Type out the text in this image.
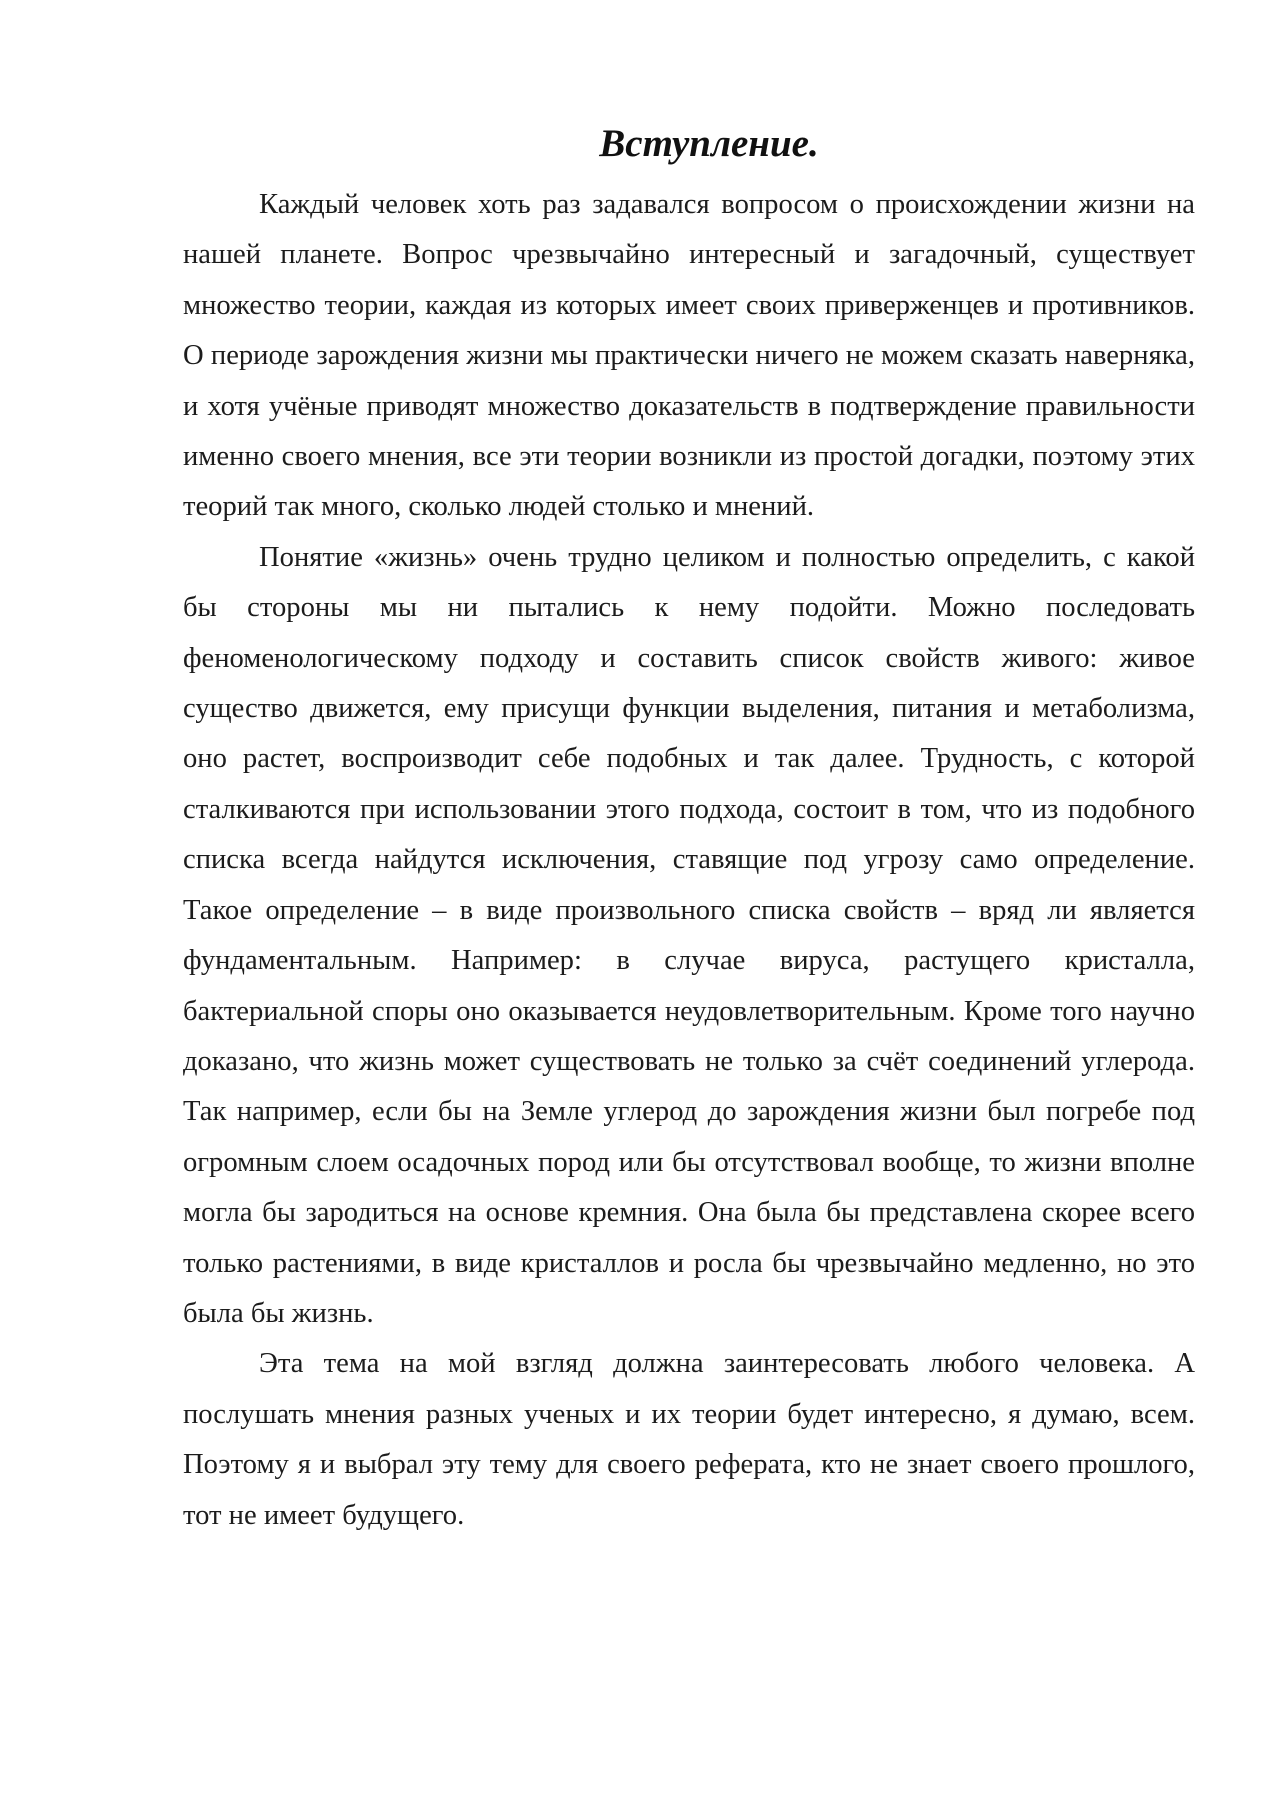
Вступление.

Каждый человек хоть раз задавался вопросом о происхождении жизни на нашей планете. Вопрос чрезвычайно интересный и загадочный, существует множество теории, каждая из которых имеет своих приверженцев и противников. О периоде зарождения жизни мы практически ничего не можем сказать наверняка, и хотя учёные приводят множество доказательств в подтверждение правильности именно своего мнения, все эти теории возникли из простой догадки, поэтому этих теорий так много, сколько людей столько и мнений.

Понятие «жизнь» очень трудно целиком и полностью определить, с какой бы стороны мы ни пытались к нему подойти. Можно последовать феноменологическому подходу и составить список свойств живого: живое существо движется, ему присущи функции выделения, питания и метаболизма, оно растет, воспроизводит себе подобных и так далее. Трудность, с которой сталкиваются при использовании этого подхода, состоит в том, что из подобного списка всегда найдутся исключения, ставящие под угрозу само определение. Такое определение – в виде произвольного списка свойств – вряд ли является фундаментальным. Например: в случае вируса, растущего кристалла, бактериальной споры оно оказывается неудовлетворительным. Кроме того научно доказано, что жизнь может существовать не только за счёт соединений углерода. Так например, если бы на Земле углерод до зарождения жизни был погребе под огромным слоем осадочных пород или бы отсутствовал вообще, то жизни вполне могла бы зародиться на основе кремния. Она была бы представлена скорее всего только растениями, в виде кристаллов и росла бы чрезвычайно медленно, но это была бы жизнь.

Эта тема на мой взгляд должна заинтересовать любого человека. А послушать мнения разных ученых и их теории будет интересно, я думаю, всем. Поэтому я и выбрал эту тему для своего реферата, кто не знает своего прошлого, тот не имеет будущего.
